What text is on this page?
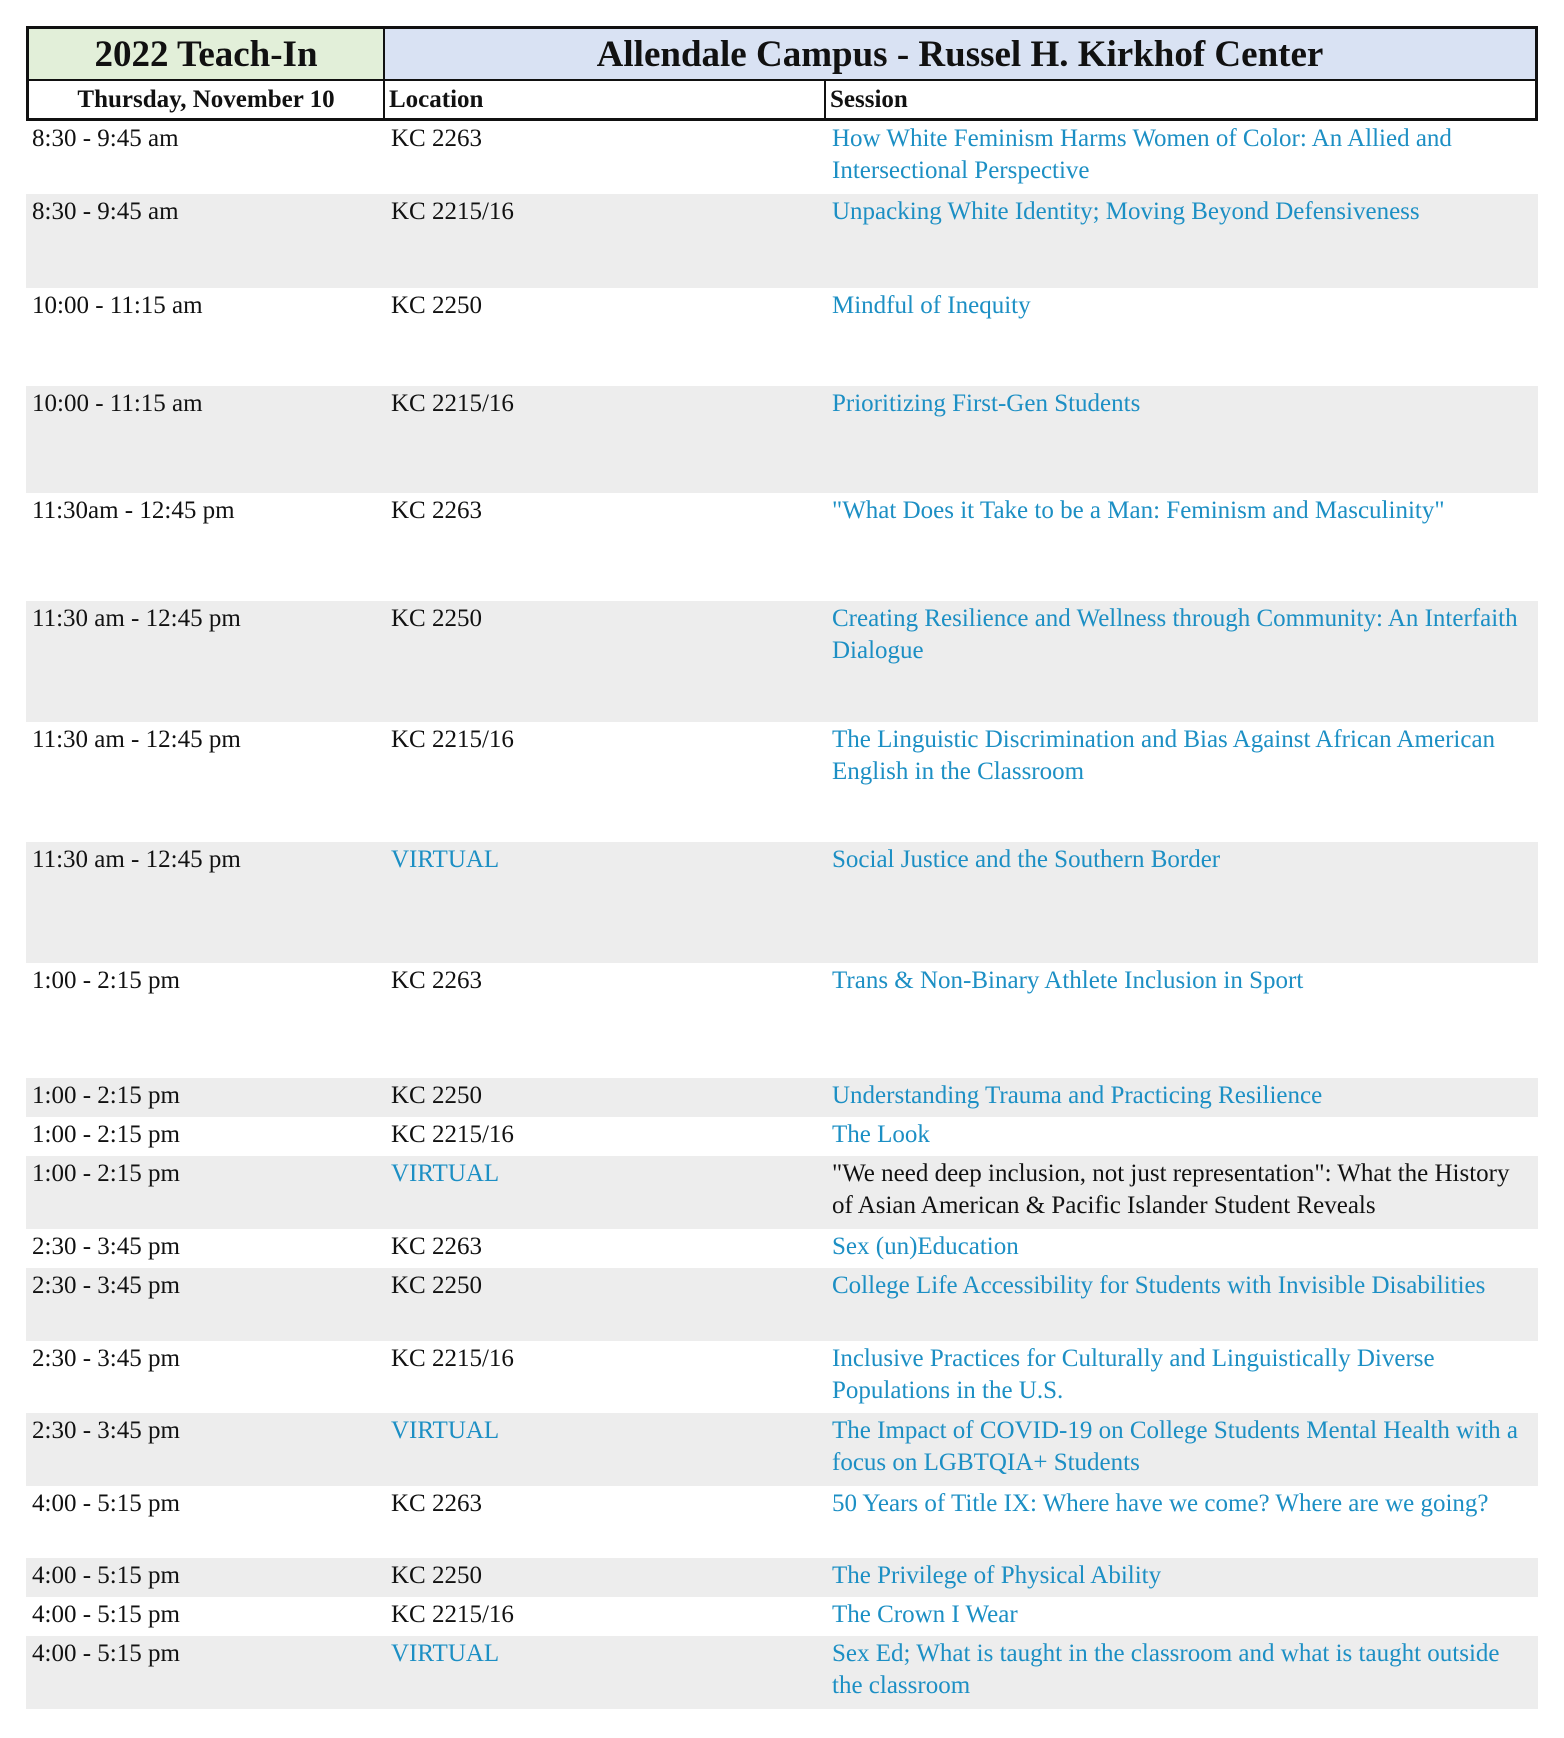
2022 Teach-In	Allendale Campus - Russel H. Kirkhof Center
Thursday, November 10	Location	Session
8:30 - 9:45 am	KC 2263	How White Feminism Harms Women of Color: An Allied and Intersectional Perspective
8:30 - 9:45 am	KC 2215/16	Unpacking White Identity; Moving Beyond Defensiveness
10:00 - 11:15 am	KC 2250	Mindful of Inequity
10:00 - 11:15 am	KC 2215/16	Prioritizing First-Gen Students
11:30am - 12:45 pm	KC 2263	"What Does it Take to be a Man: Feminism and Masculinity"
11:30 am - 12:45 pm	KC 2250	Creating Resilience and Wellness through Community: An Interfaith Dialogue
11:30 am - 12:45 pm	KC 2215/16	The Linguistic Discrimination and Bias Against African American English in the Classroom
11:30 am - 12:45 pm	VIRTUAL	Social Justice and the Southern Border
1:00 - 2:15 pm	KC 2263	Trans & Non-Binary Athlete Inclusion in Sport
1:00 - 2:15 pm	KC 2250	Understanding Trauma and Practicing Resilience
1:00 - 2:15 pm	KC 2215/16	The Look
1:00 - 2:15 pm	VIRTUAL	"We need deep inclusion, not just representation": What the History of Asian American & Pacific Islander Student Reveals
2:30 - 3:45 pm	KC 2263	Sex (un)Education
2:30 - 3:45 pm	KC 2250	College Life Accessibility for Students with Invisible Disabilities
2:30 - 3:45 pm	KC 2215/16	Inclusive Practices for Culturally and Linguistically Diverse Populations in the U.S.
2:30 - 3:45 pm	VIRTUAL	The Impact of COVID-19 on College Students Mental Health with a focus on LGBTQIA+ Students
4:00 - 5:15 pm	KC 2263	50 Years of Title IX: Where have we come? Where are we going?
4:00 - 5:15 pm	KC 2250	The Privilege of Physical Ability
4:00 - 5:15 pm	KC 2215/16	The Crown I Wear
4:00 - 5:15 pm	VIRTUAL	Sex Ed; What is taught in the classroom and what is taught outside the classroom
